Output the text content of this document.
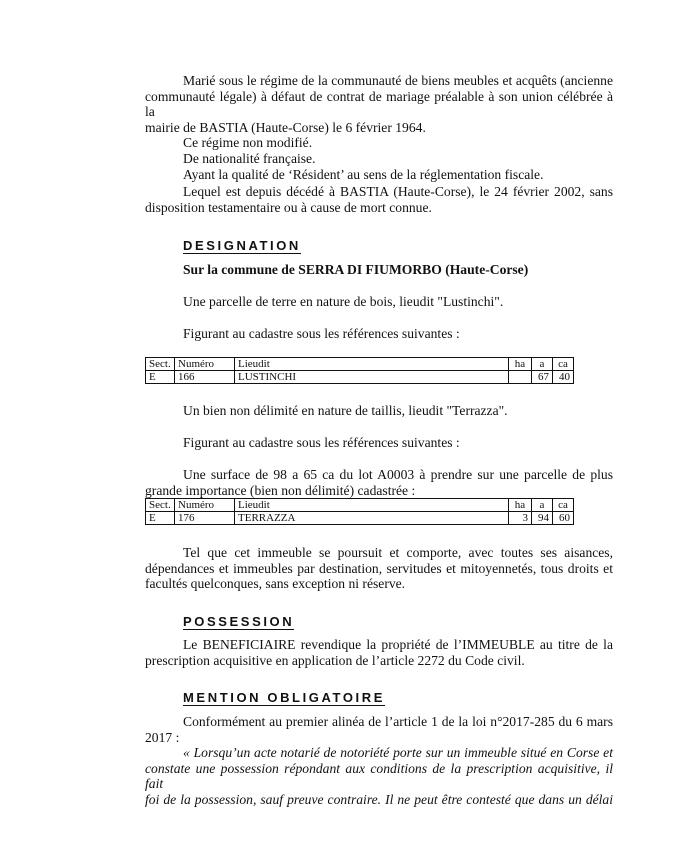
Marié sous le régime de la communauté de biens meubles et acquêts (ancienne
communauté légale) à défaut de contrat de mariage préalable à son union célébrée à la
mairie de BASTIA (Haute-Corse) le 6 février 1964.
Ce régime non modifié.
De nationalité française.
Ayant la qualité de ‘Résident’ au sens de la réglementation fiscale.
Lequel est depuis décédé à BASTIA (Haute-Corse), le 24 février 2002, sans
disposition testamentaire ou à cause de mort connue.
DESIGNATION
Sur la commune de SERRA DI FIUMORBO (Haute-Corse)
Une parcelle de terre en nature de bois, lieudit "Lustinchi".
Figurant au cadastre sous les références suivantes :
Sect.	Numéro	Lieudit	ha	a	ca
E	166	LUSTINCHI		67	40
Un bien non délimité en nature de taillis, lieudit "Terrazza".
Figurant au cadastre sous les références suivantes :
Une surface de 98 a 65 ca du lot A0003 à prendre sur une parcelle de plus
grande importance (bien non délimité) cadastrée :
Sect.	Numéro	Lieudit	ha	a	ca
E	176	TERRAZZA	3	94	60
Tel que cet immeuble se poursuit et comporte, avec toutes ses aisances,
dépendances et immeubles par destination, servitudes et mitoyennetés, tous droits et
facultés quelconques, sans exception ni réserve.
POSSESSION
Le BENEFICIAIRE revendique la propriété de l’IMMEUBLE au titre de la
prescription acquisitive en application de l’article 2272 du Code civil.
MENTION OBLIGATOIRE
Conformément au premier alinéa de l’article 1 de la loi n°2017-285 du 6 mars
2017 :
« Lorsqu’un acte notarié de notoriété porte sur un immeuble situé en Corse et
constate une possession répondant aux conditions de la prescription acquisitive, il fait
foi de la possession, sauf preuve contraire. Il ne peut être contesté que dans un délai
